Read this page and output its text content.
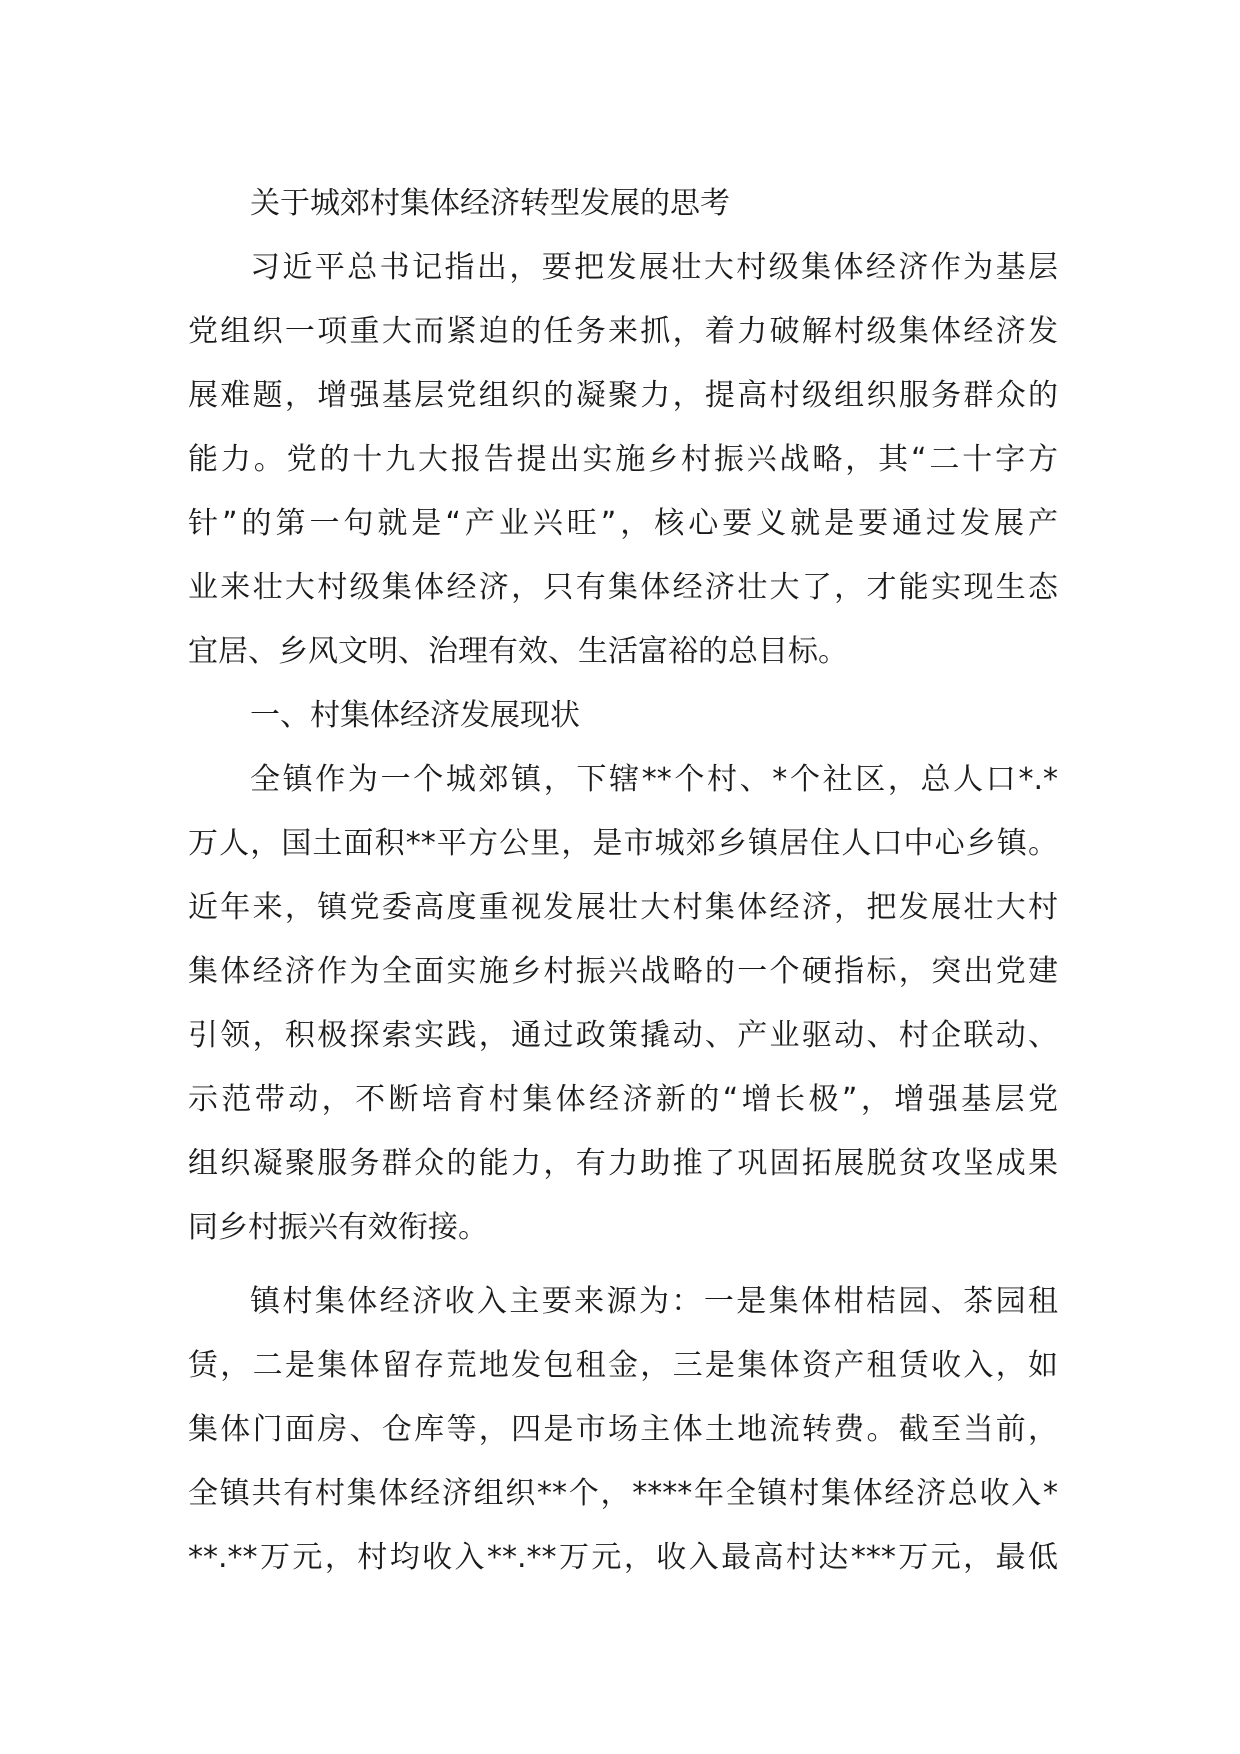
关于城郊村集体经济转型发展的思考
习近平总书记指出，要把发展壮大村级集体经济作为基层
党组织一项重大而紧迫的任务来抓，着力破解村级集体经济发
展难题，增强基层党组织的凝聚力，提高村级组织服务群众的
能力。党的十九大报告提出实施乡村振兴战略，其“二十字方
针”的第一句就是“产业兴旺”，核心要义就是要通过发展产
业来壮大村级集体经济，只有集体经济壮大了，才能实现生态
宜居、乡风文明、治理有效、生活富裕的总目标。
一、村集体经济发展现状
全镇作为一个城郊镇，下辖**个村、*个社区，总人口*.*
万人，国土面积**平方公里，是市城郊乡镇居住人口中心乡镇。
近年来，镇党委高度重视发展壮大村集体经济，把发展壮大村
集体经济作为全面实施乡村振兴战略的一个硬指标，突出党建
引领，积极探索实践，通过政策撬动、产业驱动、村企联动、
示范带动，不断培育村集体经济新的“增长极”，增强基层党
组织凝聚服务群众的能力，有力助推了巩固拓展脱贫攻坚成果
同乡村振兴有效衔接。
镇村集体经济收入主要来源为：一是集体柑桔园、茶园租
赁，二是集体留存荒地发包租金，三是集体资产租赁收入，如
集体门面房、仓库等，四是市场主体土地流转费。截至当前，
全镇共有村集体经济组织**个，****年全镇村集体经济总收入*
**.**万元，村均收入**.**万元，收入最高村达***万元，最低
